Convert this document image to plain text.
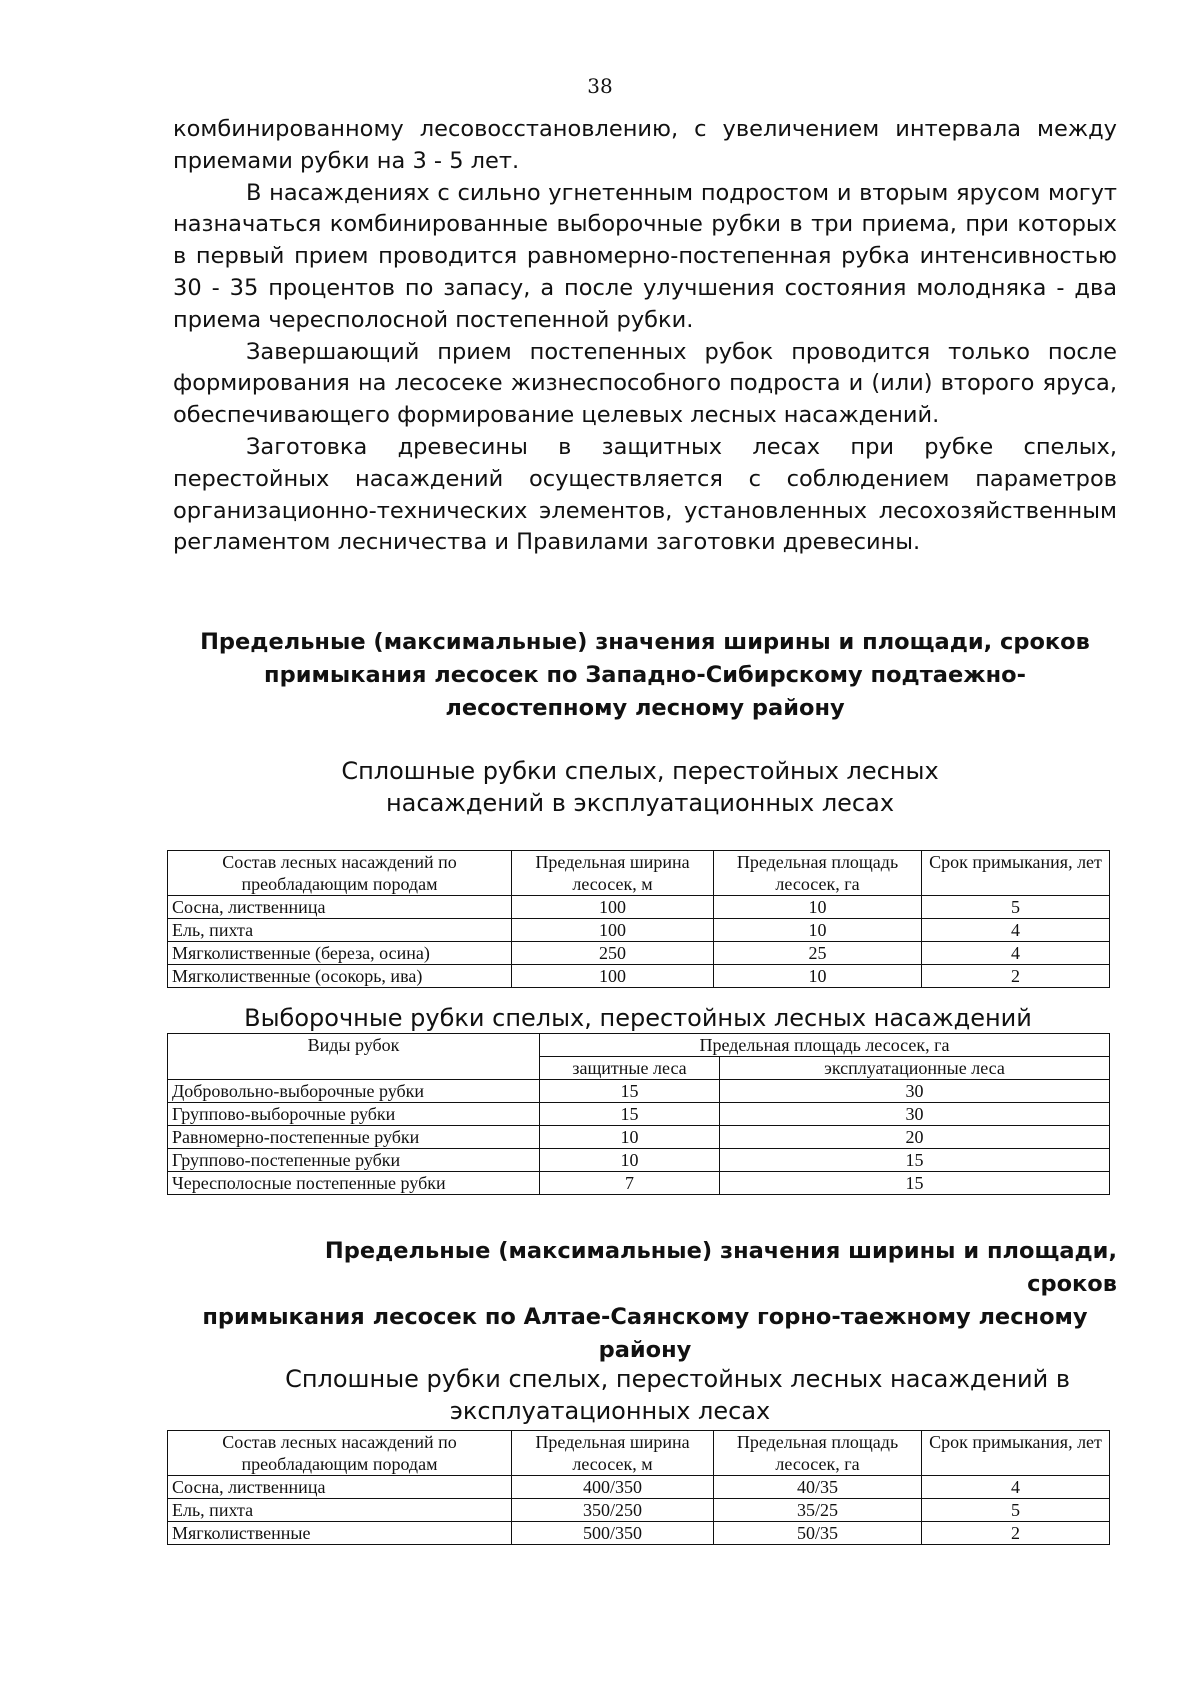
38

комбинированному лесовосстановлению, с увеличением интервала между приемами рубки на 3 - 5 лет.

В насаждениях с сильно угнетенным подростом и вторым ярусом могут назначаться комбинированные выборочные рубки в три приема, при которых в первый прием проводится равномерно-постепенная рубка интенсивностью 30 - 35 процентов по запасу, а после улучшения состояния молодняка - два приема чересполосной постепенной рубки.

Завершающий прием постепенных рубок проводится только после формирования на лесосеке жизнеспособного подроста и (или) второго яруса, обеспечивающего формирование целевых лесных насаждений.

Заготовка древесины в защитных лесах при рубке спелых, перестойных насаждений осуществляется с соблюдением параметров организационно-технических элементов, установленных лесохозяйственным регламентом лесничества и Правилами заготовки древесины.

Предельные (максимальные) значения ширины и площади, сроков примыкания лесосек по Западно-Сибирскому подтаежно-лесостепному лесному району
Сплошные рубки спелых, перестойных лесных насаждений в эксплуатационных лесах
Состав лесных насаждений по преобладающим породам	Предельная ширина лесосек, м	Предельная площадь лесосек, га	Срок примыкания, лет
Сосна, лиственница	100	10	5
Ель, пихта	100	10	4
Мягколиственные (береза, осина)	250	25	4
Мягколиственные (осокорь, ива)	100	10	2
Выборочные рубки спелых, перестойных лесных насаждений
Виды рубок	Предельная площадь лесосек, га	
	защитные леса	эксплуатационные леса
Добровольно-выборочные рубки	15	30
Группово-выборочные рубки	15	30
Равномерно-постепенные рубки	10	20
Группово-постепенные рубки	10	15
Чересполосные постепенные рубки	7	15
Предельные (максимальные) значения ширины и площади, сроков
примыкания лесосек по Алтае-Саянскому горно-таежному лесному
району
Сплошные рубки спелых, перестойных лесных насаждений в
эксплуатационных лесах
Состав лесных насаждений по преобладающим породам	Предельная ширина лесосек, м	Предельная площадь лесосек, га	Срок примыкания, лет
Сосна, лиственница	400/350	40/35	4
Ель, пихта	350/250	35/25	5
Мягколиственные	500/350	50/35	2
